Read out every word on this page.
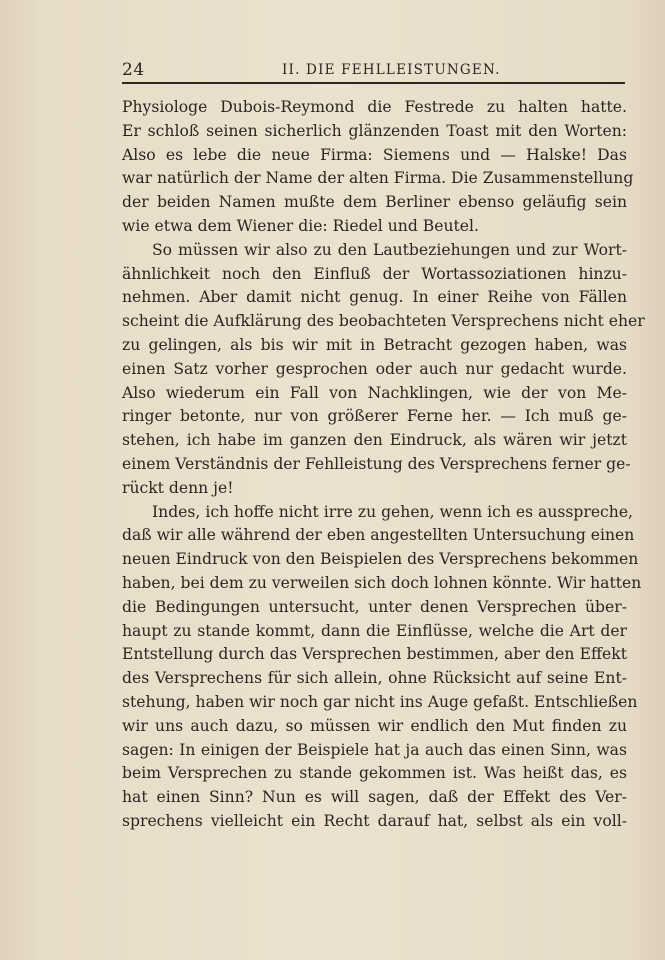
24	II. DIE FEHLLEISTUNGEN.
Physiologe Dubois-Reymond die Festrede zu halten hatte.
Er schloß seinen sicherlich glänzenden Toast mit den Worten:
Also es lebe die neue Firma: Siemens und — Halske! Das
war natürlich der Name der alten Firma. Die Zusammenstellung
der beiden Namen mußte dem Berliner ebenso geläufig sein
wie etwa dem Wiener die: Riedel und Beutel.
So müssen wir also zu den Lautbeziehungen und zur Wort-
ähnlichkeit noch den Einfluß der Wortassoziationen hinzu-
nehmen. Aber damit nicht genug. In einer Reihe von Fällen
scheint die Aufklärung des beobachteten Versprechens nicht eher
zu gelingen, als bis wir mit in Betracht gezogen haben, was
einen Satz vorher gesprochen oder auch nur gedacht wurde.
Also wiederum ein Fall von Nachklingen, wie der von Me-
ringer betonte, nur von größerer Ferne her. — Ich muß ge-
stehen, ich habe im ganzen den Eindruck, als wären wir jetzt
einem Verständnis der Fehlleistung des Versprechens ferner ge-
rückt denn je!
Indes, ich hoffe nicht irre zu gehen, wenn ich es ausspreche,
daß wir alle während der eben angestellten Untersuchung einen
neuen Eindruck von den Beispielen des Versprechens bekommen
haben, bei dem zu verweilen sich doch lohnen könnte. Wir hatten
die Bedingungen untersucht, unter denen Versprechen über-
haupt zu stande kommt, dann die Einflüsse, welche die Art der
Entstellung durch das Versprechen bestimmen, aber den Effekt
des Versprechens für sich allein, ohne Rücksicht auf seine Ent-
stehung, haben wir noch gar nicht ins Auge gefaßt. Entschließen
wir uns auch dazu, so müssen wir endlich den Mut finden zu
sagen: In einigen der Beispiele hat ja auch das einen Sinn, was
beim Versprechen zu stande gekommen ist. Was heißt das, es
hat einen Sinn? Nun es will sagen, daß der Effekt des Ver-
sprechens vielleicht ein Recht darauf hat, selbst als ein voll-
